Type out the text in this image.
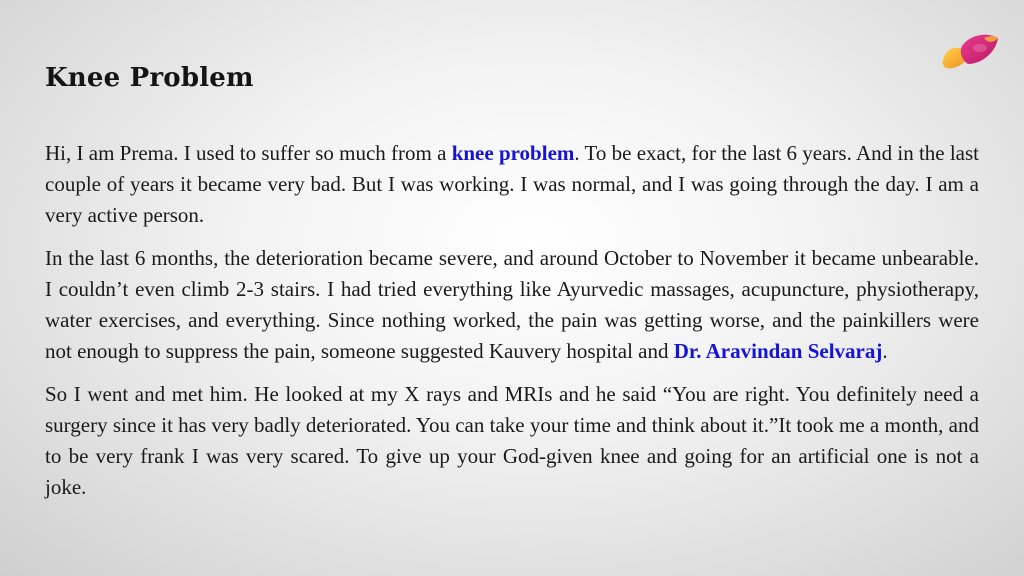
Knee Problem

Hi, I am Prema. I used to suffer so much from a knee problem. To be exact, for the last 6 years. And in the last couple of years it became very bad. But I was working. I was normal, and I was going through the day. I am a very active person.

In the last 6 months, the deterioration became severe, and around October to November it became unbearable. I couldn’t even climb 2-3 stairs. I had tried everything like Ayurvedic massages, acupuncture, physiotherapy, water exercises, and everything. Since nothing worked, the pain was getting worse, and the painkillers were not enough to suppress the pain, someone suggested Kauvery hospital and Dr. Aravindan Selvaraj.

So I went and met him. He looked at my X rays and MRIs and he said “You are right. You definitely need a surgery since it has very badly deteriorated. You can take your time and think about it.”It took me a month, and to be very frank I was very scared. To give up your God-given knee and going for an artificial one is not a joke.
